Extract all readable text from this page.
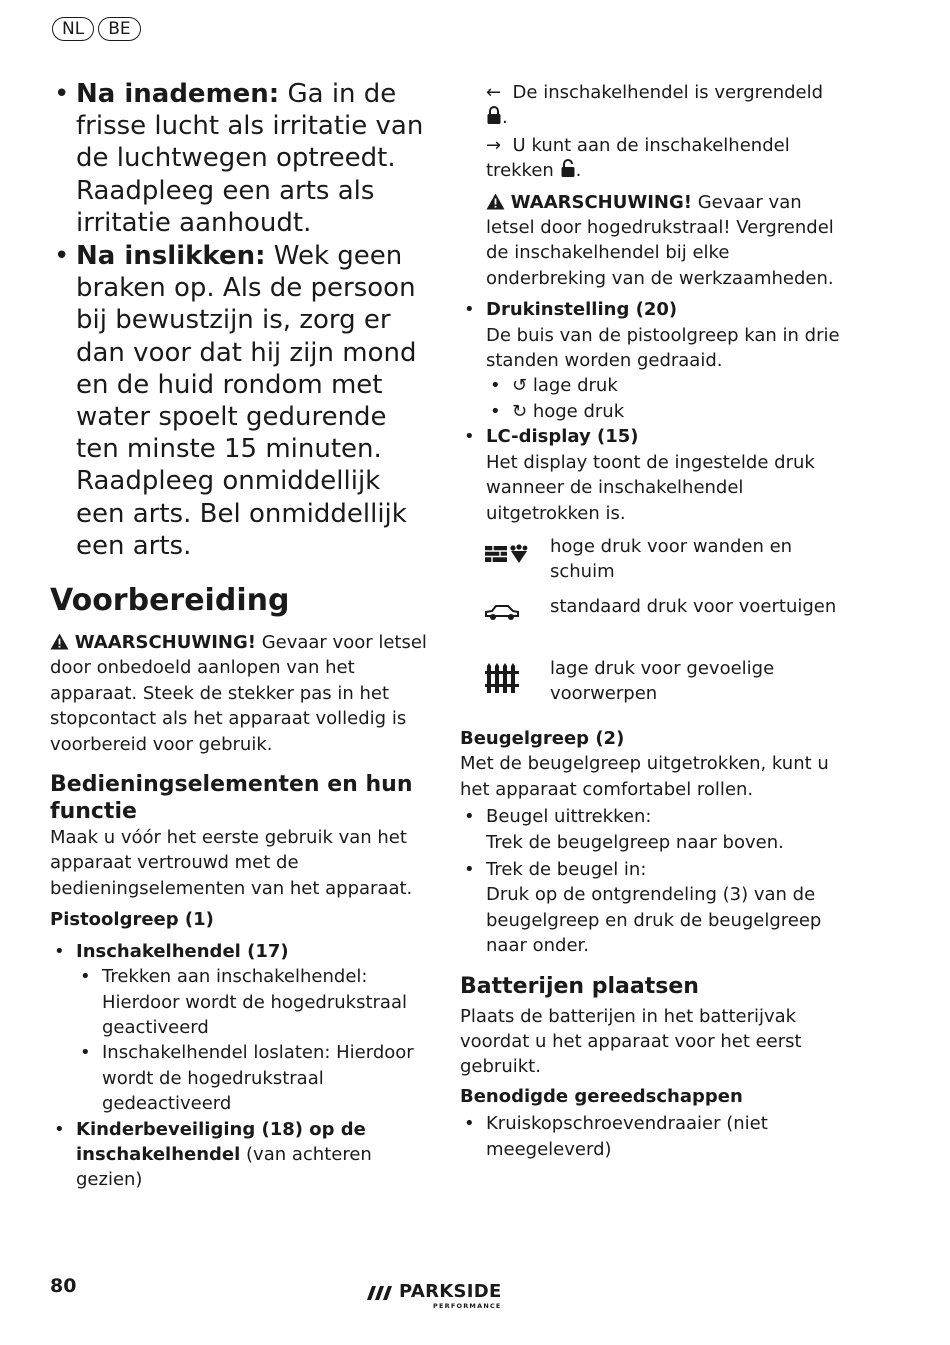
NL	BE
• Na inademen: Ga in de frisse lucht als irritatie van de luchtwegen optreedt. Raadpleeg een arts als irritatie aanhoudt.

• Na inslikken: Wek geen braken op. Als de persoon bij bewustzijn is, zorg er dan voor dat hij zijn mond en de huid rondom met water spoelt gedurende ten minste 15 minuten. Raadpleeg onmiddellijk een arts. Bel onmiddellijk een arts.

Voorbereiding

WAARSCHUWING! Gevaar voor letsel door onbedoeld aanlopen van het apparaat. Steek de stekker pas in het stopcontact als het apparaat volledig is voorbereid voor gebruik.

Bedieningselementen en hun functie

Maak u vóór het eerste gebruik van het apparaat vertrouwd met de bedieningselementen van het apparaat.

Pistoolgreep (1)

• Inschakelhendel (17)
• Trekken aan inschakelhendel: Hierdoor wordt de hogedrukstraal geactiveerd
• Inschakelhendel loslaten: Hierdoor wordt de hogedrukstraal gedeactiveerd
• Kinderbeveiliging (18) op de inschakelhendel (van achteren gezien)

← De inschakelhendel is vergrendeld .

→ U kunt aan de inschakelhendel trekken .

WAARSCHUWING! Gevaar van letsel door hogedrukstraal! Vergrendel de inschakelhendel bij elke onderbreking van de werkzaamheden.

• Drukinstelling (20)

De buis van de pistoolgreep kan in drie standen worden gedraaid.

• ↺ lage druk
• ↻ hoge druk
• LC-display (15)

Het display toont de ingestelde druk wanneer de inschakelhendel uitgetrokken is.

hoge druk voor wanden en schuim
standaard druk voor voertuigen
lage druk voor gevoelige voorwerpen

Beugelgreep (2)

Met de beugelgreep uitgetrokken, kunt u het apparaat comfortabel rollen.

• Beugel uittrekken:

Trek de beugelgreep naar boven.

• Trek de beugel in:

Druk op de ontgrendeling (3) van de beugelgreep en druk de beugelgreep naar onder.

Batterijen plaatsen

Plaats de batterijen in het batterijvak voordat u het apparaat voor het eerst gebruikt.

Benodigde gereedschappen

• Kruiskopschroevendraaier (niet meegeleverd)
80	PARKSIDE
PERFORMANCE
